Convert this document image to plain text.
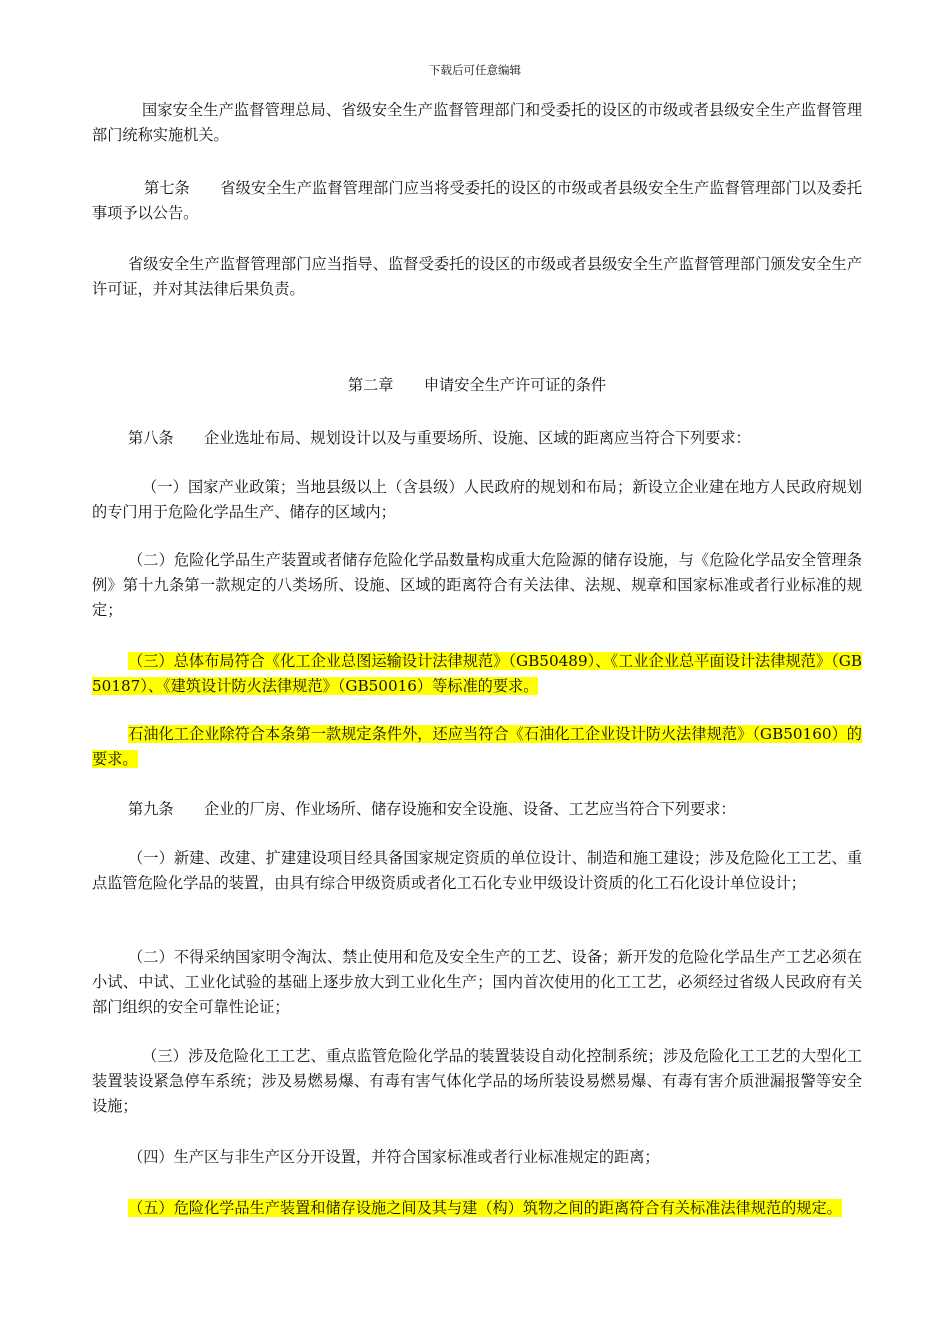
下载后可任意编辑

国家安全生产监督管理总局、省级安全生产监督管理部门和受委托的设区的市级或者县级安全生产监督管理部门统称实施机关。

第七条　　省级安全生产监督管理部门应当将受委托的设区的市级或者县级安全生产监督管理部门以及委托事项予以公告。

省级安全生产监督管理部门应当指导、监督受委托的设区的市级或者县级安全生产监督管理部门颁发安全生产许可证，并对其法律后果负责。

第二章　　申请安全生产许可证的条件

第八条　　企业选址布局、规划设计以及与重要场所、设施、区域的距离应当符合下列要求：

（一）国家产业政策；当地县级以上（含县级）人民政府的规划和布局；新设立企业建在地方人民政府规划的专门用于危险化学品生产、储存的区域内；

（二）危险化学品生产装置或者储存危险化学品数量构成重大危险源的储存设施，与《危险化学品安全管理条例》第十九条第一款规定的八类场所、设施、区域的距离符合有关法律、法规、规章和国家标准或者行业标准的规定；

（三）总体布局符合《化工企业总图运输设计法律规范》（GB50489）、《工业企业总平面设计法律规范》（GB50187）、《建筑设计防火法律规范》（GB50016）等标准的要求。

石油化工企业除符合本条第一款规定条件外，还应当符合《石油化工企业设计防火法律规范》（GB50160）的要求。

第九条　　企业的厂房、作业场所、储存设施和安全设施、设备、工艺应当符合下列要求：

（一）新建、改建、扩建建设项目经具备国家规定资质的单位设计、制造和施工建设；涉及危险化工工艺、重点监管危险化学品的装置，由具有综合甲级资质或者化工石化专业甲级设计资质的化工石化设计单位设计；

（二）不得采纳国家明令淘汰、禁止使用和危及安全生产的工艺、设备；新开发的危险化学品生产工艺必须在小试、中试、工业化试验的基础上逐步放大到工业化生产；国内首次使用的化工工艺，必须经过省级人民政府有关部门组织的安全可靠性论证；

（三）涉及危险化工工艺、重点监管危险化学品的装置装设自动化控制系统；涉及危险化工工艺的大型化工装置装设紧急停车系统；涉及易燃易爆、有毒有害气体化学品的场所装设易燃易爆、有毒有害介质泄漏报警等安全设施；

（四）生产区与非生产区分开设置，并符合国家标准或者行业标准规定的距离；

（五）危险化学品生产装置和储存设施之间及其与建（构）筑物之间的距离符合有关标准法律规范的规定。
